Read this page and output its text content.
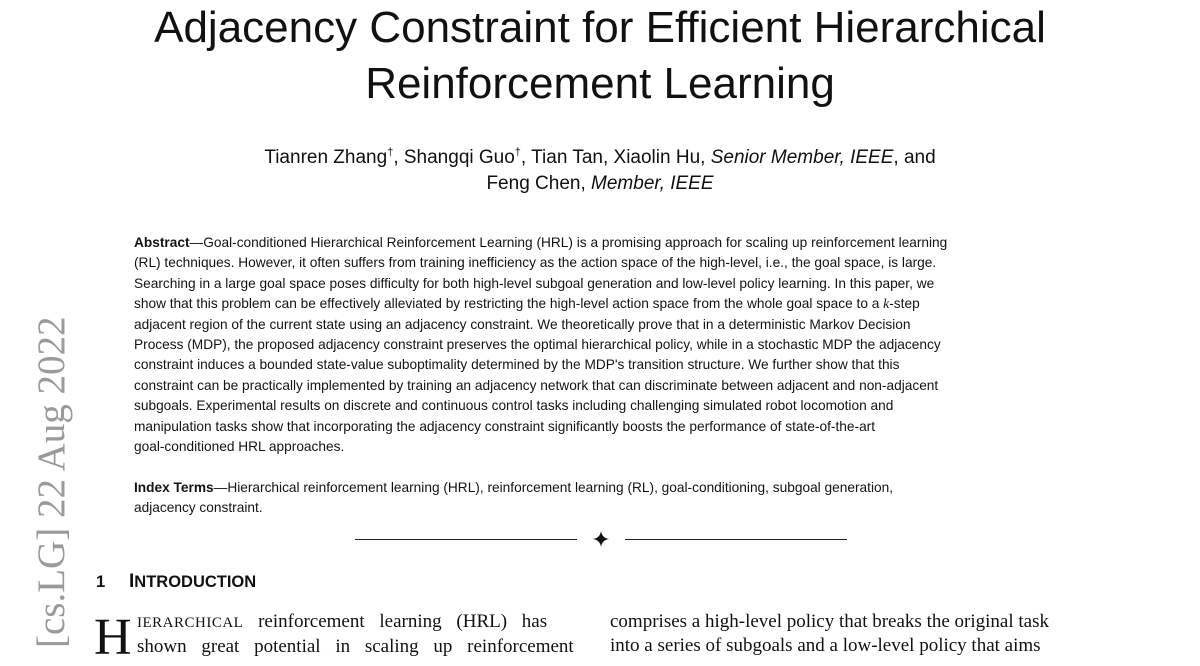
Adjacency Constraint for Efficient Hierarchical
Reinforcement Learning
Tianren Zhang†, Shangqi Guo†, Tian Tan, Xiaolin Hu, Senior Member, IEEE, and
Feng Chen, Member, IEEE
Abstract—Goal-conditioned Hierarchical Reinforcement Learning (HRL) is a promising approach for scaling up reinforcement learning
(RL) techniques. However, it often suffers from training inefficiency as the action space of the high-level, i.e., the goal space, is large.
Searching in a large goal space poses difficulty for both high-level subgoal generation and low-level policy learning. In this paper, we
show that this problem can be effectively alleviated by restricting the high-level action space from the whole goal space to a k-step
adjacent region of the current state using an adjacency constraint. We theoretically prove that in a deterministic Markov Decision
Process (MDP), the proposed adjacency constraint preserves the optimal hierarchical policy, while in a stochastic MDP the adjacency
constraint induces a bounded state-value suboptimality determined by the MDP's transition structure. We further show that this
constraint can be practically implemented by training an adjacency network that can discriminate between adjacent and non-adjacent
subgoals. Experimental results on discrete and continuous control tasks including challenging simulated robot locomotion and
manipulation tasks show that incorporating the adjacency constraint significantly boosts the performance of state-of-the-art
goal-conditioned HRL approaches.
Index Terms—Hierarchical reinforcement learning (HRL), reinforcement learning (RL), goal-conditioning, subgoal generation,
adjacency constraint.
[cs.LG] 22 Aug 2022 1 INTRODUCTION
H IERARCHICAL reinforcement learning (HRL) has
shown great potential in scaling up reinforcement
comprises a high-level policy that breaks the original task
into a series of subgoals and a low-level policy that aims
